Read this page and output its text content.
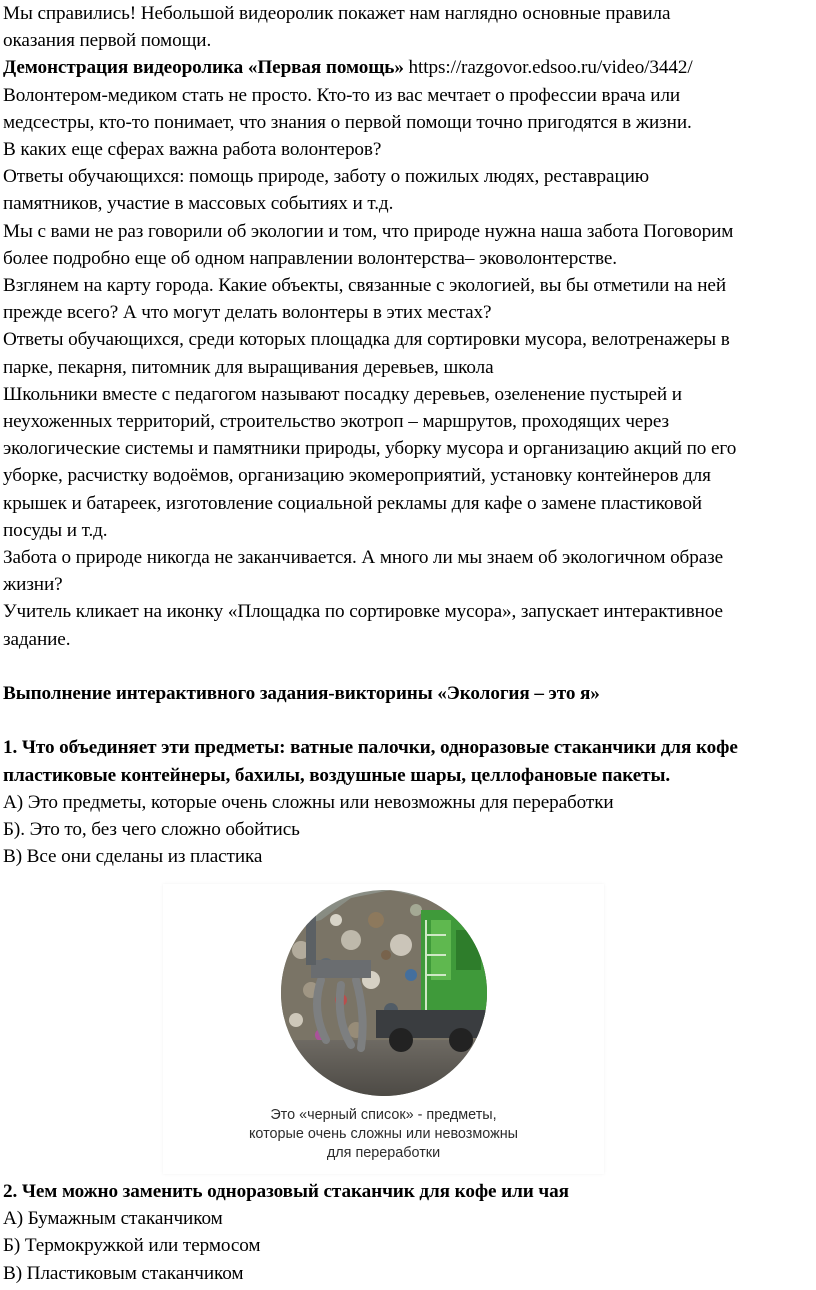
Мы справились! Небольшой видеоролик покажет нам наглядно основные правила

оказания первой помощи.

Демонстрация видеоролика «Первая помощь» https://razgovor.edsoo.ru/video/3442/

Волонтером-медиком стать не просто. Кто-то из вас мечтает о профессии врача или

медсестры, кто-то понимает, что знания о первой помощи точно пригодятся в жизни.

В каких еще сферах важна работа волонтеров?

Ответы обучающихся: помощь природе, заботу о пожилых людях, реставрацию

памятников, участие в массовых событиях и т.д.

Мы с вами не раз говорили об экологии и том, что природе нужна наша забота Поговорим

более подробно еще об одном направлении волонтерства– эковолонтерстве.

Взглянем на карту города. Какие объекты, связанные с экологией, вы бы отметили на ней

прежде всего? А что могут делать волонтеры в этих местах?

Ответы обучающихся, среди которых площадка для сортировки мусора, велотренажеры в

парке, пекарня, питомник для выращивания деревьев, школа

Школьники вместе с педагогом называют посадку деревьев, озеленение пустырей и

неухоженных территорий, строительство экотроп – маршрутов, проходящих через

экологические системы и памятники природы, уборку мусора и организацию акций по его

уборке, расчистку водоёмов, организацию экомероприятий, установку контейнеров для

крышек и батареек, изготовление социальной рекламы для кафе о замене пластиковой

посуды и т.д.

Забота о природе никогда не заканчивается. А много ли мы знаем об экологичном образе

жизни?

Учитель кликает на иконку «Площадка по сортировке мусора», запускает интерактивное

задание.

Выполнение интерактивного задания-викторины «Экология – это я»

1. Что объединяет эти предметы: ватные палочки, одноразовые стаканчики для кофе

пластиковые контейнеры, бахилы, воздушные шары, целлофановые пакеты.

А) Это предметы, которые очень сложны или невозможны для переработки

Б). Это то, без чего сложно обойтись

В) Все они сделаны из пластика

Это «черный список» - предметы,
которые очень сложны или невозможны
для переработки

2. Чем можно заменить одноразовый стаканчик для кофе или чая

А) Бумажным стаканчиком

Б) Термокружкой или термосом

В) Пластиковым стаканчиком
